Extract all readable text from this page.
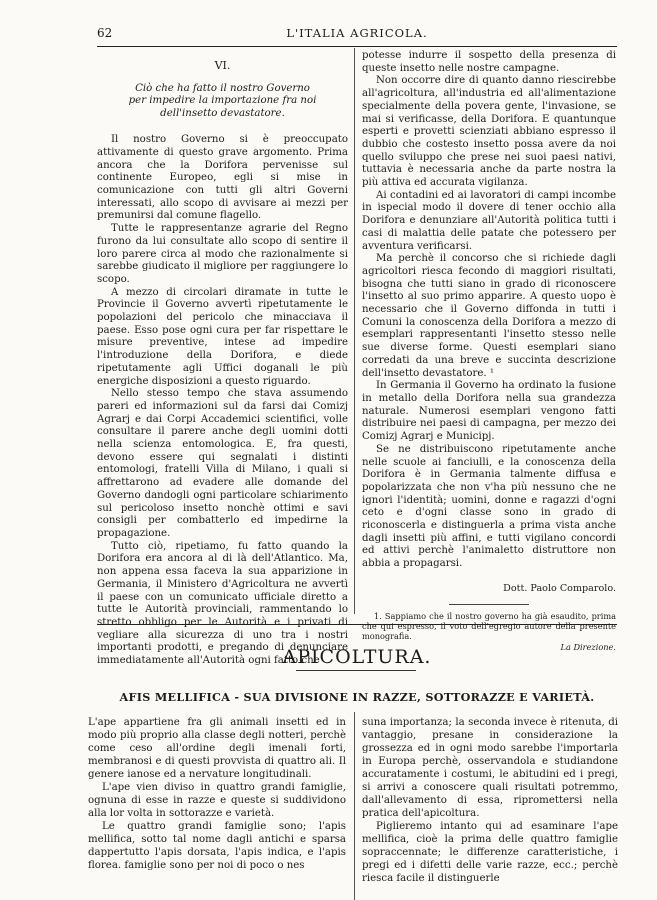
62	L'ITALIA AGRICOLA.
VI.
Ciò che ha fatto il nostro Governo
per impedire la importazione fra noi
dell'insetto devastatore.

Il nostro Governo si è preoccupato attivamente di questo grave argomento. Prima ancora che la Dorifora pervenisse sul continente Europeo, egli si mise in comunicazione con tutti gli altri Governi interessati, allo scopo di avvisare ai mezzi per premunirsi dal comune flagello.

Tutte le rappresentanze agrarie del Regno furono da lui consultate allo scopo di sentire il loro parere circa al modo che razionalmente si sarebbe giudicato il migliore per raggiungere lo scopo.

A mezzo di circolari diramate in tutte le Provincie il Governo avvertì ripetutamente le popolazioni del pericolo che minacciava il paese. Esso pose ogni cura per far rispettare le misure preventive, intese ad impedire l'introduzione della Dorifora, e diede ripetutamente agli Uffici doganali le più energiche disposizioni a questo riguardo.

Nello stesso tempo che stava assumendo pareri ed informazioni sul da farsi dai Comizj Agrarj e dai Corpi Accademici scientifici, volle consultare il parere anche degli uomini dotti nella scienza entomologica. E, fra questi, devono essere qui segnalati i distinti entomologi, fratelli Villa di Milano, i quali si affrettarono ad evadere alle domande del Governo dandogli ogni particolare schiarimento sul pericoloso insetto nonchè ottimi e savi consigli per combatterlo ed impedirne la propagazione.

Tutto ciò, ripetiamo, fu fatto quando la Dorifora era ancora al di là dell'Atlantico. Ma, non appena essa faceva la sua apparizione in Germania, il Ministero d'Agricoltura ne avvertì il paese con un comunicato ufficiale diretto a tutte le Autorità provinciali, rammentando lo stretto obbligo per le Autorità e i privati di vegliare alla sicurezza di uno tra i nostri importanti prodotti, e pregando di denunciare immediatamente all'Autorità ogni fatto che

potesse indurre il sospetto della presenza di queste insetto nelle nostre campagne.

Non occorre dire di quanto danno riescirebbe all'agricoltura, all'industria ed all'alimentazione specialmente della povera gente, l'invasione, se mai si verificasse, della Dorifora. E quantunque esperti e provetti scienziati abbiano espresso il dubbio che costesto insetto possa avere da noi quello sviluppo che prese nei suoi paesi nativi, tuttavia è necessaria anche da parte nostra la più attiva ed accurata vigilanza.

Ai contadini ed ai lavoratori di campi incombe in ispecial modo il dovere di tener occhio alla Dorifora e denunziare all'Autorità politica tutti i casi di malattia delle patate che potessero per avventura verificarsi.

Ma perchè il concorso che si richiede dagli agricoltori riesca fecondo di maggiori risultati, bisogna che tutti siano in grado di riconoscere l'insetto al suo primo apparire. A questo uopo è necessario che il Governo diffonda in tutti i Comuni la conoscenza della Dorifora a mezzo di esemplari rappresentanti l'insetto stesso nelle sue diverse forme. Questi esemplari siano corredati da una breve e succinta descrizione dell'insetto devastatore. ¹

In Germania il Governo ha ordinato la fusione in metallo della Dorifora nella sua grandezza naturale. Numerosi esemplari vengono fatti distribuire nei paesi di campagna, per mezzo dei Comizj Agrarj e Municipj.

Se ne distribuiscono ripetutamente anche nelle scuole ai fanciulli, e la conoscenza della Dorifora è in Germania talmente diffusa e popolarizzata che non v'ha più nessuno che ne ignori l'identità; uomini, donne e ragazzi d'ogni ceto e d'ogni classe sono in grado di riconoscerla e distinguerla a prima vista anche dagli insetti più affini, e tutti vigilano concordi ed attivi perchè l'animaletto distruttore non abbia a propagarsi.

Dott. Paolo Comparolo.
1. Sappiamo che il nostro governo ha già esaudito, prima che qui espresso, il voto dell'egregio autore della presente monografia.
La Direzione.
APICOLTURA.
AFIS MELLIFICA - SUA DIVISIONE IN RAZZE, SOTTORAZZE E VARIETÀ.

L'ape appartiene fra gli animali insetti ed in modo più proprio alla classe degli notteri, perchè come ceso all'ordine degli imenali forti, membranosi e di questi provvista di quattro ali. Il genere ianose ed a nervature longitudinali.

L'ape vien diviso in quattro grandi famiglie, ognuna di esse in razze e queste si suddividono alla lor volta in sottorazze e varietà.

Le quattro grandi famiglie sono; l'apis mellifica, sotto tal nome dagli antichi e sparsa dappertutto l'apis dorsata, l'apis indica, e l'apis florea. famiglie sono per noi di poco o nes

suna importanza; la seconda invece è ritenuta, di vantaggio, presane in considerazione la grossezza ed in ogni modo sarebbe l'importarla in Europa perchè, osservandola e studiandone accuratamente i costumi, le abitudini ed i pregi, si arrivi a conoscere quali risultati potremmo, dall'allevamento di essa, ripromettersi nella pratica dell'apicoltura.

Piglieremo intanto qui ad esaminare l'ape mellifica, cioè la prima delle quattro famiglie sopraccennate; le differenze caratteristiche, i pregi ed i difetti delle varie razze, ecc.; perchè riesca facile il distinguerle
